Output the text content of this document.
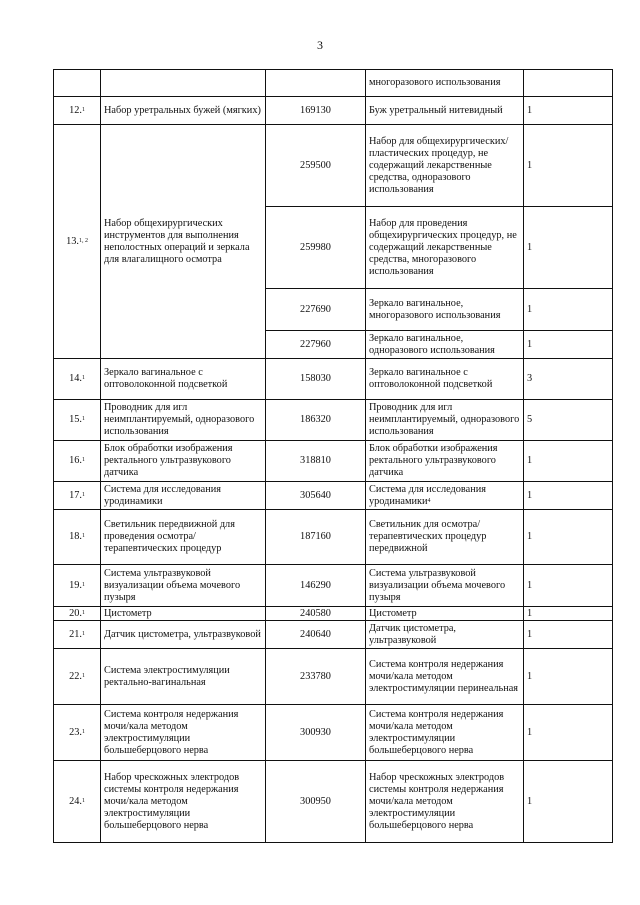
3
			многоразового использования	
12.$^1$	Набор уретральных бужей (мягких)	169130	Буж уретральный нитевидный	1
13.$^{1, 2}$	Набор общехирургических инструментов для выполнения неполостных операций и зеркала для влагалищного осмотра	259500	Набор для общехирургических/пластических процедур, не содержащий лекарственные средства, одноразового использования	1
		259980	Набор для проведения общехирургических процедур, не содержащий лекарственные средства, многоразового использования	1
		227690	Зеркало вагинальное, многоразового использования	1
		227960	Зеркало вагинальное, одноразового использования	1
14.$^1$	Зеркало вагинальное с оптоволоконной подсветкой	158030	Зеркало вагинальное с оптоволоконной подсветкой	3
15.$^1$	Проводник для игл неимплантируемый, одноразового использования	186320	Проводник для игл неимплантируемый, одноразового использования	5
16.$^1$	Блок обработки изображения ректального ультразвукового датчика	318810	Блок обработки изображения ректального ультразвукового датчика	1
17.$^1$	Система для исследования уродинамики	305640	Система для исследования уродинамики$^4$	1
18.$^1$	Светильник передвижной для проведения осмотра/терапевтических процедур	187160	Светильник для осмотра/терапевтических процедур передвижной	1
19.$^1$	Система ультразвуковой визуализации объема мочевого пузыря	146290	Система ультразвуковой визуализации объема мочевого пузыря	1
20.$^1$	Цистометр	240580	Цистометр	1
21.$^1$	Датчик цистометра, ультразвуковой	240640	Датчик цистометра, ультразвуковой	1
22.$^1$	Система электростимуляции ректально-вагинальная	233780	Система контроля недержания мочи/кала методом электростимуляции перинеальная	1
23.$^1$	Система контроля недержания мочи/кала методом электростимуляции большеберцового нерва	300930	Система контроля недержания мочи/кала методом электростимуляции большеберцового нерва	1
24.$^1$	Набор чрескожных электродов системы контроля недержания мочи/кала методом электростимуляции большеберцового нерва	300950	Набор чрескожных электродов системы контроля недержания мочи/кала методом электростимуляции большеберцового нерва	1
